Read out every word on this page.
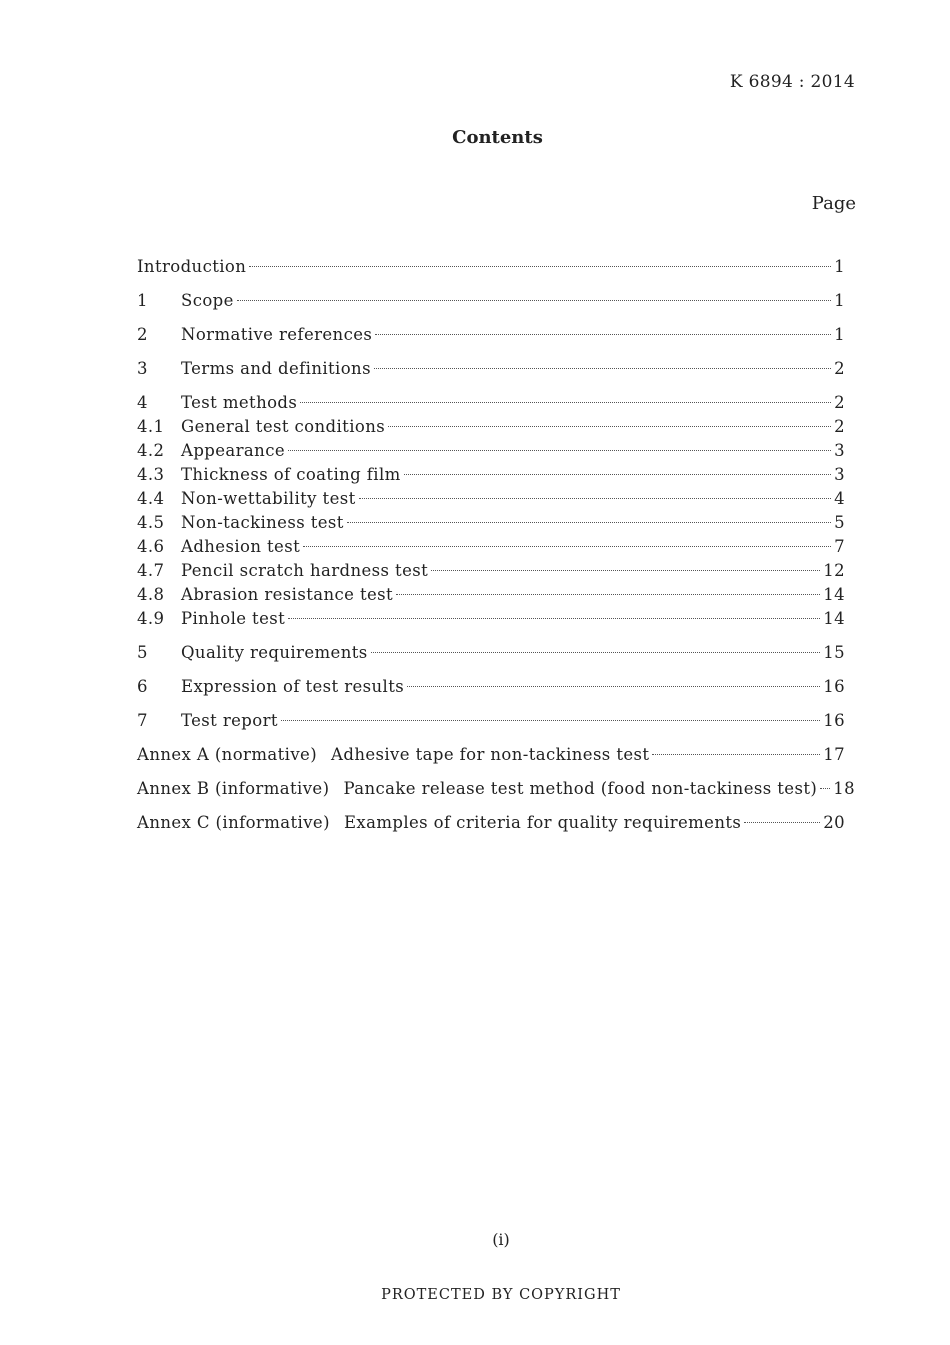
K 6894 : 2014
Contents
Page
Introduction	1
1	Scope	1
2	Normative references	1
3	Terms and definitions	2
4	Test methods	2
4.1	General test conditions	2
4.2	Appearance	3
4.3	Thickness of coating film	3
4.4	Non-wettability test	4
4.5	Non-tackiness test	5
4.6	Adhesion test	7
4.7	Pencil scratch hardness test	12
4.8	Abrasion resistance test	14
4.9	Pinhole test	14
5	Quality requirements	15
6	Expression of test results	16
7	Test report	16
Annex A (normative) Adhesive tape for non-tackiness test	17
Annex B (informative) Pancake release test method (food non-tackiness test) 18
Annex C (informative) Examples of criteria for quality requirements	20
(i)
PROTECTED BY COPYRIGHT
